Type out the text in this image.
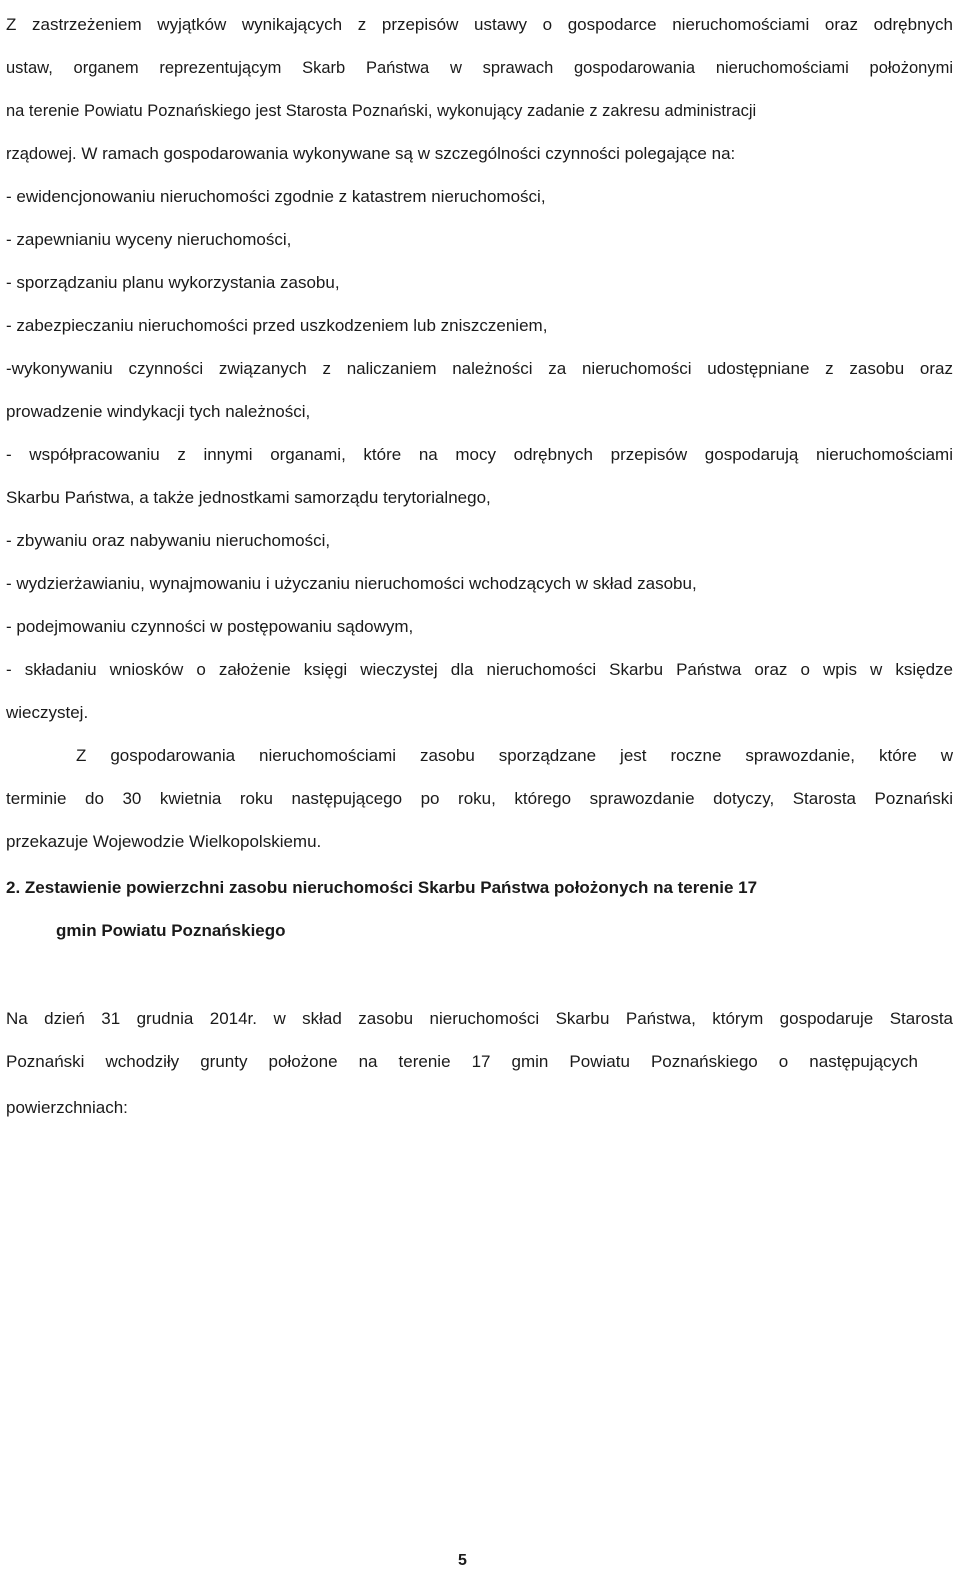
Z zastrzeżeniem wyjątków wynikających z przepisów ustawy o gospodarce nieruchomościami oraz odrębnych
ustaw, organem reprezentującym Skarb Państwa w sprawach gospodarowania nieruchomościami położonymi
na terenie Powiatu Poznańskiego jest Starosta Poznański, wykonujący zadanie z zakresu administracji
rządowej. W ramach gospodarowania wykonywane są w szczególności czynności polegające na:
- ewidencjonowaniu nieruchomości zgodnie z katastrem nieruchomości,
- zapewnianiu wyceny nieruchomości,
- sporządzaniu planu wykorzystania zasobu,
- zabezpieczaniu nieruchomości przed uszkodzeniem lub zniszczeniem,
-wykonywaniu czynności związanych z naliczaniem należności za nieruchomości udostępniane z zasobu oraz
prowadzenie windykacji tych należności,
- współpracowaniu z innymi organami, które na mocy odrębnych przepisów gospodarują nieruchomościami
Skarbu Państwa, a także jednostkami samorządu terytorialnego,
- zbywaniu oraz nabywaniu nieruchomości,
- wydzierżawianiu, wynajmowaniu i użyczaniu nieruchomości wchodzących w skład zasobu,
- podejmowaniu czynności w postępowaniu sądowym,
- składaniu wniosków o założenie księgi wieczystej dla nieruchomości Skarbu Państwa oraz o wpis w księdze
wieczystej.
Z gospodarowania nieruchomościami zasobu sporządzane jest roczne sprawozdanie, które w
terminie do 30 kwietnia roku następującego po roku, którego sprawozdanie dotyczy, Starosta Poznański
przekazuje Wojewodzie Wielkopolskiemu.
2. Zestawienie powierzchni zasobu nieruchomości Skarbu Państwa położonych na terenie 17
gmin Powiatu Poznańskiego
Na dzień 31 grudnia 2014r. w skład zasobu nieruchomości Skarbu Państwa, którym gospodaruje Starosta
Poznański wchodziły grunty położone na terenie 17 gmin Powiatu Poznańskiego o następujących
powierzchniach:
5
